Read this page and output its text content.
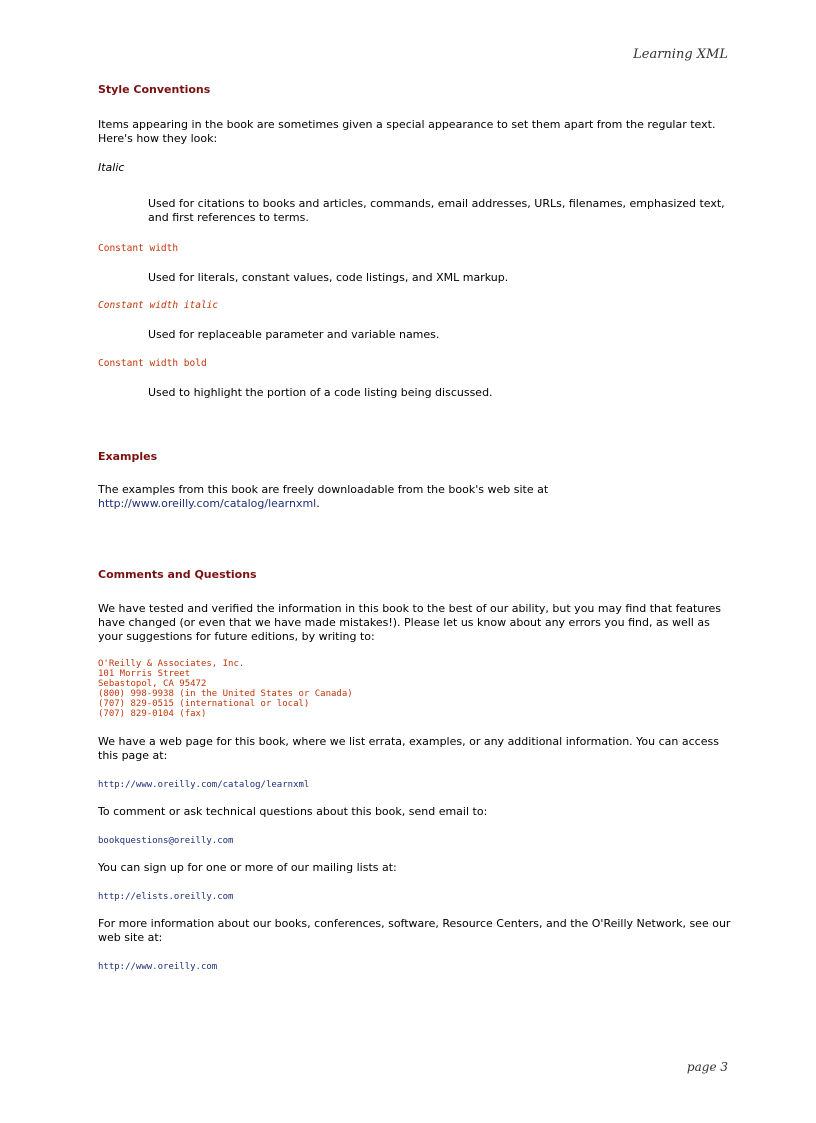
Learning XML
Style Conventions

Items appearing in the book are sometimes given a special appearance to set them apart from the regular text. Here's how they look:

Italic

Used for citations to books and articles, commands, email addresses, URLs, filenames, emphasized text, and first references to terms.

Constant width

Used for literals, constant values, code listings, and XML markup.

Constant width italic

Used for replaceable parameter and variable names.

Constant width bold

Used to highlight the portion of a code listing being discussed.

Examples

The examples from this book are freely downloadable from the book's web site at
http://www.oreilly.com/catalog/learnxml.

Comments and Questions

We have tested and verified the information in this book to the best of our ability, but you may find that features have changed (or even that we have made mistakes!). Please let us know about any errors you find, as well as your suggestions for future editions, by writing to:

O'Reilly & Associates, Inc.

101 Morris Street

Sebastopol, CA 95472

(800) 998-9938 (in the United States or Canada)

(707) 829-0515 (international or local)

(707) 829-0104 (fax)

We have a web page for this book, where we list errata, examples, or any additional information. You can access this page at:

http://www.oreilly.com/catalog/learnxml

To comment or ask technical questions about this book, send email to:

bookquestions@oreilly.com

You can sign up for one or more of our mailing lists at:

http://elists.oreilly.com

For more information about our books, conferences, software, Resource Centers, and the O'Reilly Network, see our web site at:

http://www.oreilly.com

page 3
